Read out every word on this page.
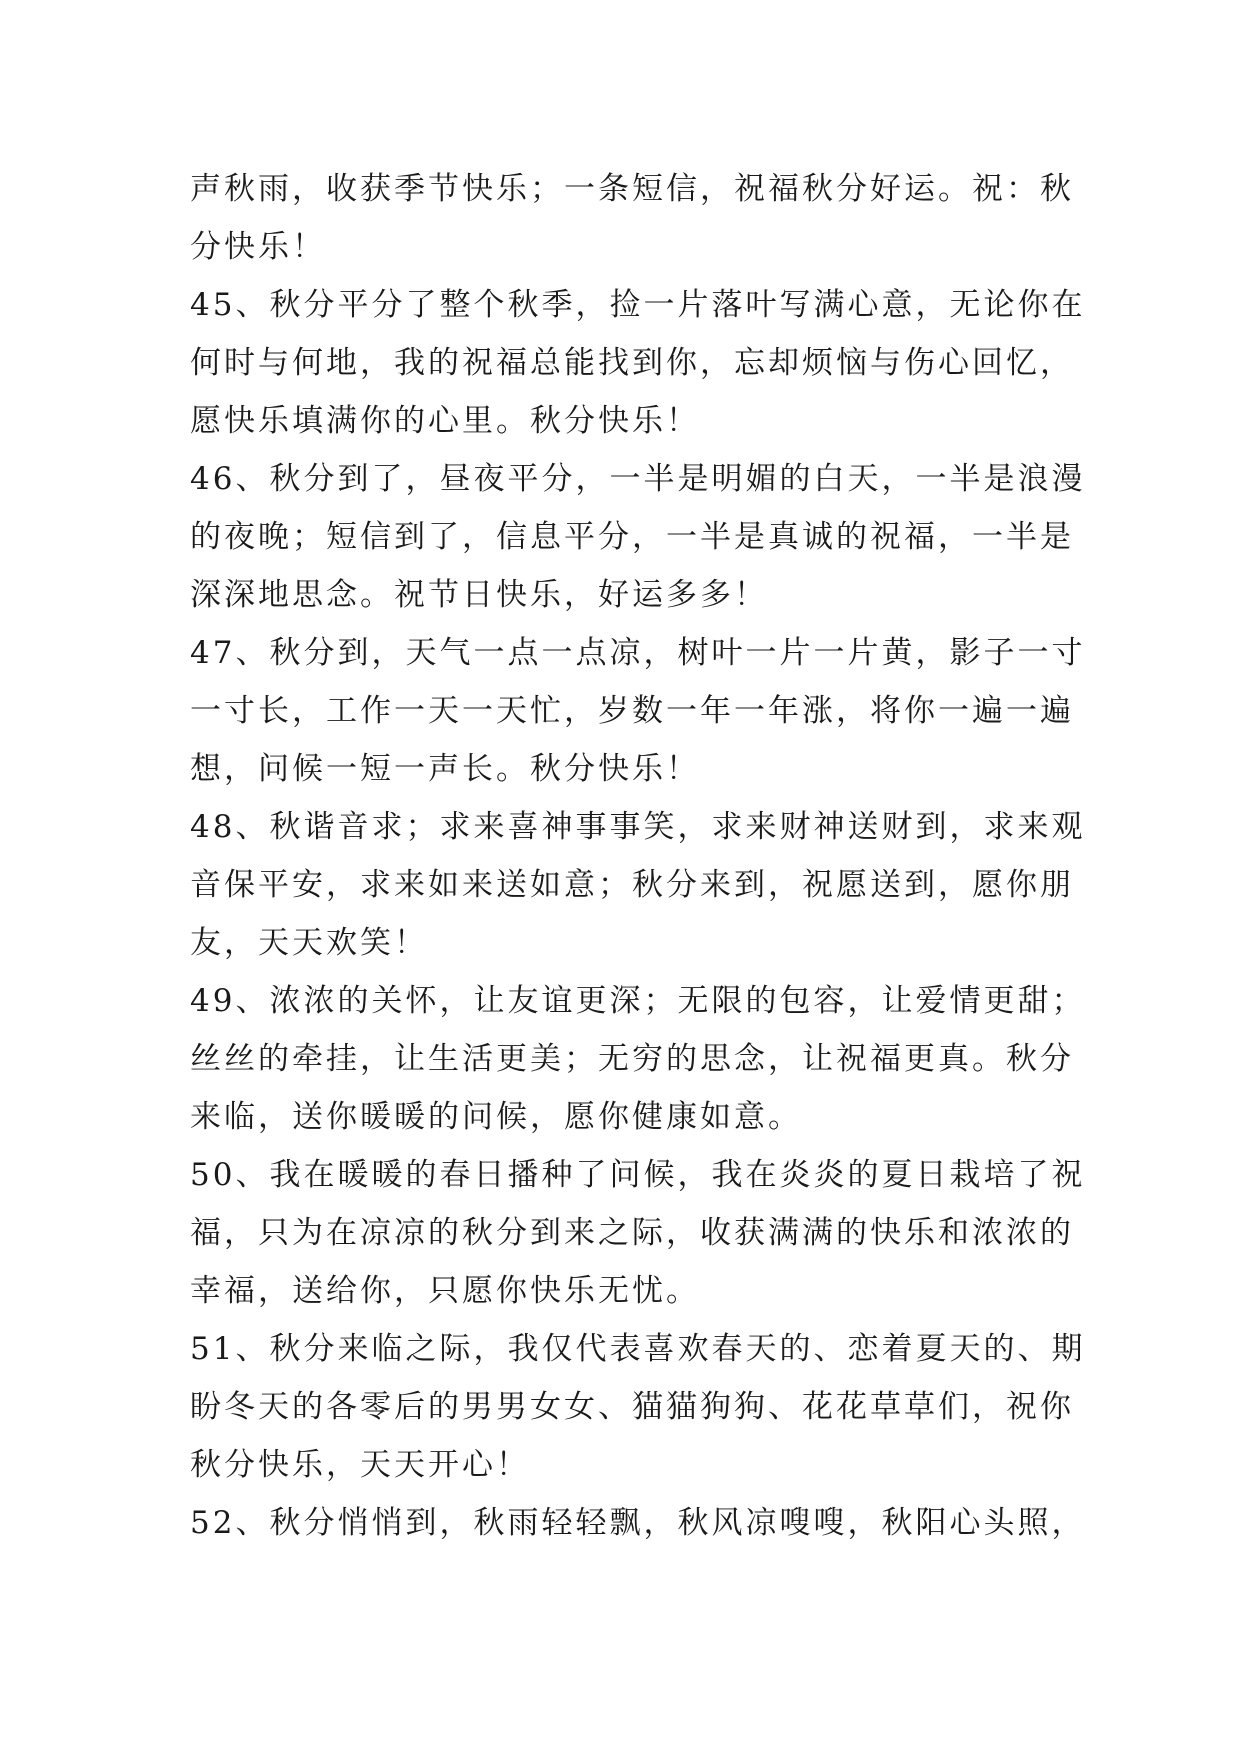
声秋雨，收获季节快乐；一条短信，祝福秋分好运。祝：秋
分快乐！
45、秋分平分了整个秋季，捡一片落叶写满心意，无论你在
何时与何地，我的祝福总能找到你，忘却烦恼与伤心回忆，
愿快乐填满你的心里。秋分快乐！
46、秋分到了，昼夜平分，一半是明媚的白天，一半是浪漫
的夜晚；短信到了，信息平分，一半是真诚的祝福，一半是
深深地思念。祝节日快乐，好运多多！
47、秋分到，天气一点一点凉，树叶一片一片黄，影子一寸
一寸长，工作一天一天忙，岁数一年一年涨，将你一遍一遍
想，问候一短一声长。秋分快乐！
48、秋谐音求；求来喜神事事笑，求来财神送财到，求来观
音保平安，求来如来送如意；秋分来到，祝愿送到，愿你朋
友，天天欢笑！
49、浓浓的关怀，让友谊更深；无限的包容，让爱情更甜；
丝丝的牵挂，让生活更美；无穷的思念，让祝福更真。秋分
来临，送你暖暖的问候，愿你健康如意。
50、我在暖暖的春日播种了问候，我在炎炎的夏日栽培了祝
福，只为在凉凉的秋分到来之际，收获满满的快乐和浓浓的
幸福，送给你，只愿你快乐无忧。
51、秋分来临之际，我仅代表喜欢春天的、恋着夏天的、期
盼冬天的各零后的男男女女、猫猫狗狗、花花草草们，祝你
秋分快乐，天天开心！
52、秋分悄悄到，秋雨轻轻飘，秋风凉嗖嗖，秋阳心头照，
